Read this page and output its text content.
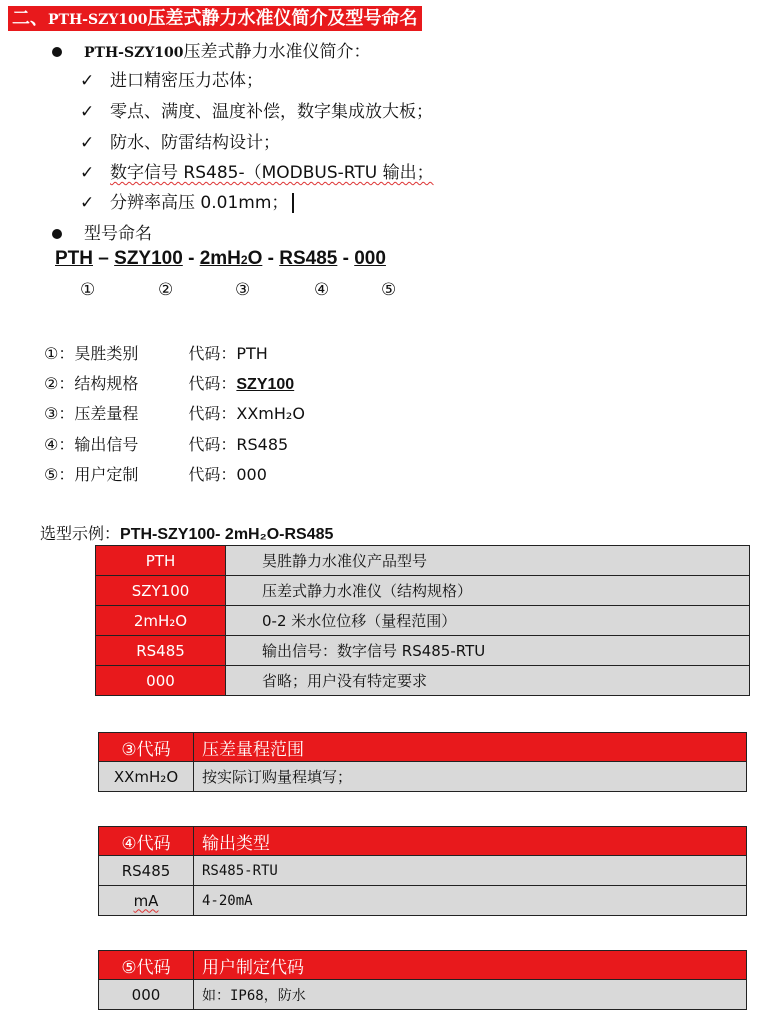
二、PTH-SZY100压差式静力水准仪简介及型号命名
PTH-SZY100压差式静力水准仪简介：
✓ 进口精密压力芯体；
✓ 零点、满度、温度补偿，数字集成放大板；
✓ 防水、防雷结构设计；
✓ 数字信号 RS485-（MODBUS-RTU 输出；
✓ 分辨率高压 0.01mm；
型号命名
PTH – SZY100 - 2mH2O - RS485 - 000
①	②	③	④	⑤
①：昊胜类别	代码：PTH
②：结构规格	代码：SZY100
③：压差量程	代码：XXmH₂O
④：输出信号	代码：RS485
⑤：用户定制	代码：000
选型示例：PTH-SZY100- 2mH₂O-RS485
PTH	昊胜静力水准仪产品型号
SZY100	压差式静力水准仪（结构规格）
2mH₂O	0-2 米水位位移（量程范围）
RS485	输出信号：数字信号 RS485-RTU
000	省略；用户没有特定要求
③代码	压差量程范围
XXmH₂O	按实际订购量程填写；
④代码	输出类型
RS485	RS485-RTU
mA	4-20mA
⑤代码	用户制定代码
000	如：IP68，防水
